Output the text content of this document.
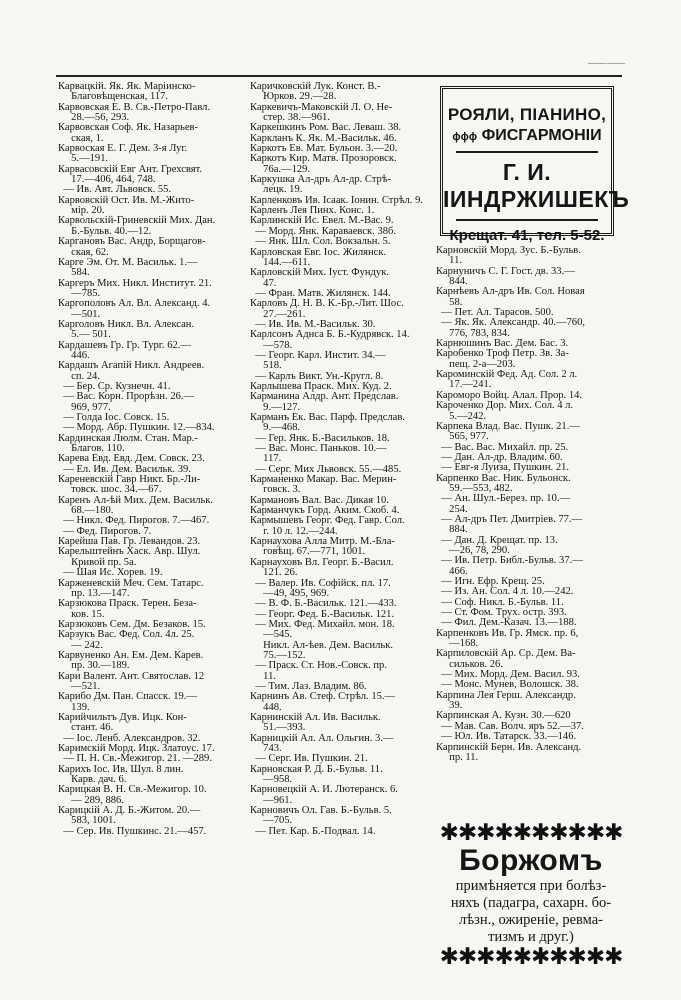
——

Карвацкій. Як. Як. Маріинско-

Благовѣщенская, 117.

Карвовская Е. В. Св.-Петро-Павл.

28.—56, 293.

Карвовская Соф. Як. Назарьев-

ская, 1.

Карвоская Е. Г. Дем. 3-я Луг.

5.—191.

Карвасовскій Евг Ант. Грехсвят.

17.—406, 464, 748.

— Ив. Авт. Львовск. 55.

Карвовскій Ост. Ив. М.-Жито-

міp. 20.

Карвольскій-Гриневскій Мих. Дан.

Б.-Бульв. 40.—12.

Каргановъ Вас. Андр, Борщагов-

ская, 62.

Карге Эм. От. М. Васильк. 1.—

584.

Каргеръ Мих. Никл. Институт. 21.

—785.

Каргополовъ Ал. Вл. Александ. 4.

—501.

Карголовъ Никл. Вл. Алексан.

5.— 501.

Кардашевъ Гр. Гр. Тург. 62.—

446.

Кардашъ Агапій Никл. Андреев.

сп. 24.

— Бер. Ср. Кузнечн. 41.

— Вас. Корн. Прорѣзн. 26.—

969, 977.

— Голда Іос. Совск. 15.

— Морд. Абр. Пушкин. 12.—834.

Кардинская Люлм. Стан. Мар.-

Благов. 110.

Карева Евд. Евд. Дем. Совск. 23.

— Ел. Ив. Дем. Васильк. 39.

Кареневскій Гавр Никт. Бр.-Ли-

товск. шос. 34.—67.

Каренъ Ал-ѣй Мих. Дем. Васильк.

68.—180.

— Никл. Фед. Пирогов. 7.—467.

— Фед. Пирогов. 7.

Карейша Пав. Гр. Левандов. 23.

Карельштейнъ Хаск. Авр. Шул.

Кривой пр. 5а.

— Шая Ис. Хорев. 19.

Карженевскій Меч. Сем. Татарс.

пр. 13.—147.

Карзюкова Праск. Терен. Беза-

ков. 15.

Карзюковъ Сем. Дм. Безаков. 15.

Карзукъ Вас. Фед. Сол. 4л. 25.

— 242.

Карвуненко Ан. Ем. Дем. Карев.

пр. 30.—189.

Кари Валент. Ант. Святослав. 12

—521.

Карибо Дм. Пан. Спасск. 19.—

139.

Карийчильтъ Дув. Ицк. Кон-

стант. 46.

— Іос. Ленб. Александров. 32.

Каримскій Морд. Ицк. Златоус. 17.

— П. Н. Св.-Межигор. 21. —289.

Карихъ Іос. Ив. Шул. 8 лин.

Карв. дач. 6.

Карицкая В. Н. Св.-Межигор. 10.

— 289, 886.

Карицкій А. Д. Б.-Житом. 20.—

583, 1001.

— Сер. Ив. Пушкинс. 21.—457.

Каричковскій Лук. Конст. В.-

Юрков. 29.—28.

Каркевичъ-Маковскій Л. О. Не-

стер. 38.—961.

Каркешкинъ Ром. Вас. Леваш. 38.

Каркланъ К. Як. М.-Васильк. 46.

Каркотъ Ев. Мат. Бульон. 3.—20.

Каркотъ Кир. Матв. Прозоровск.

76а.—129.

Каркушка Ал-дръ Ал-др. Стрѣ-

лецк. 19.

Карленковъ Ив. Ісаак. Іонин. Стрѣл. 9.

Карленъ Лея Пинх. Конс. 1.

Карлинскій Ис. Евел. М.-Вас. 9.

— Морд. Янк. Караваевск. 38б.

— Янк. Шл. Сол. Вокзальн. 5.

Карловская Евг. Іос. Жилянск.

144.—611.

Карловскій Мих. Іуст. Фундук.

47.

— Фран. Матв. Жилянск. 144.

Карловъ Д. Н. В. К.-Бр.-Лит. Шос.

27.—261.

— Ив. Ив. М.-Васильк. 30.

Карлсонъ Аднса Б. Б.-Кудрявск. 14.

—578.

— Георг. Карл. Инстит. 34.—

518.

— Карлъ Викт. Ун.-Кругл. 8.

Карлышева Праск. Мих. Куд. 2.

Карманина Алдр. Ант. Предслав.

9.—127.

Карманъ Ек. Вас. Парф. Предслав.

9.—468.

— Гер. Янк. Б.-Васильков. 18.

— Вас. Монс. Паньков. 10.—

117.

— Серг. Мих Львовск. 55.—485.

Карманенко Макар. Вас. Мерин-

говск. 3.

Кармановъ Вал. Вас. Дикая 10.

Карманчукъ Горд. Аким. Скоб. 4.

Кармышевъ Георг. Фед. Гавр. Сол.

г. 10 л. 12.—244.

Карнаухова Алла Митр. М.-Бла-

говѣщ. 67.—771, 1001.

Карнауховъ Вл. Георг. Б.-Васил.

121. 26.

— Валер. Ив. Софійск. пл. 17.

—49, 495, 969.

— В. Ф. Б.-Васильк. 121.—433.

— Георг. Фед. Б.-Васильк. 121.

— Мих. Фед. Михайл. мон. 18.

—545.

Никл. Ал-ѣев. Дем. Васильк.

75.—152.

— Праск. Ст. Нов.-Совск. пр.

11.

— Тим. Лаз. Владим. 86.

Карнинъ Ав. Стеф. Стрѣл. 15.—

448.

Карнинскій Ал. Ив. Васильк.

51.—393.

Карницкій Ал. Ал. Ольгин. 3.—

743.

— Серг. Ив. Пушкин. 21.

Карновская Р. Д. Б.-Бульв. 11.

—958.

Карновецкій А. И. Лютеранск. 6.

—961.

Карновичъ Ол. Гав. Б.-Бульв. 5.

—705.

— Пет. Кар. Б.-Подвал. 14.

РОЯЛИ, ПІАНИНО,
ɸɸɸ ФИСГАРМОНІИ
Г. И. ІИНДРЖИШЕКЪ
Крещат. 41, тел. 5-52.

Карновскій Морд. Зус. Б.-Бульв.

11.

Карнуничъ С. Г. Гост. дв. 33.—

844.

Карнѣевъ Ал-дръ Ив. Сол. Новая

58.

— Пет. Ал. Тарасов. 500.

— Як. Як. Александр. 40.—760,

776, 783, 834.

Карнюшинъ Вас. Дем. Бас. 3.

Каробенко Троф Петр. Зв. За-

пещ. 2-а—203.

Кароминскій Фед. Ад. Сол. 2 л.

17.—241.

Кароморо Войц. Алал. Прор. 14.

Кароченко Дор. Мих. Сол. 4 л.

5.—242.

Карпека Влад. Вас. Пушк. 21.—

565, 977.

— Вас. Вас. Михайл. пр. 25.

— Дан. Ал-др. Владим. 60.

— Евг-я Луиза, Пушкин. 21.

Карпенко Вас. Ник. Бульонск.

59.—553, 482.

— Ан. Шул.-Берез. пр. 10.—

254.

— Ал-дръ Пет. Дмитріев. 77.—

884.

— Дан. Д. Крещат. пр. 13.

—26, 78, 290.

— Ив. Петр. Библ.-Бульв. 37.—

466.

— Игн. Ефр. Крещ. 25.

— Из. Ан. Сол. 4 л. 10.—242.

— Соф. Никл. Б.-Бульв. 11.

— Ст. Фом. Трух. остр. 393.

— Фил. Дем.-Казач. 13.—188.

Карпенковъ Ив. Гр. Ямск. пр. 6,

—168.

Карпиловскій Ар. Ср. Дем. Ва-

сильков. 26.

— Мих. Морд. Дем. Васил. 93.

— Монс. Мунев, Волошск. 38.

Карпина Лея Герш. Александр.

39.

Карпинская А. Кузн. 30.—620

— Мав. Сав. Волч. яръ 52.—37.

— Юл. Ив. Татарск. 33.—146.

Карпинскій Берн. Ив. Александ.

пр. 11.

✱✱✱✱✱✱✱✱✱✱
Боржомъ
примѣняется при болѣз-
няхъ (падагра, сахарн. бо-
лѣзн., ожиреніе, ревма-
тизмъ и друг.)
✱✱✱✱✱✱✱✱✱✱
